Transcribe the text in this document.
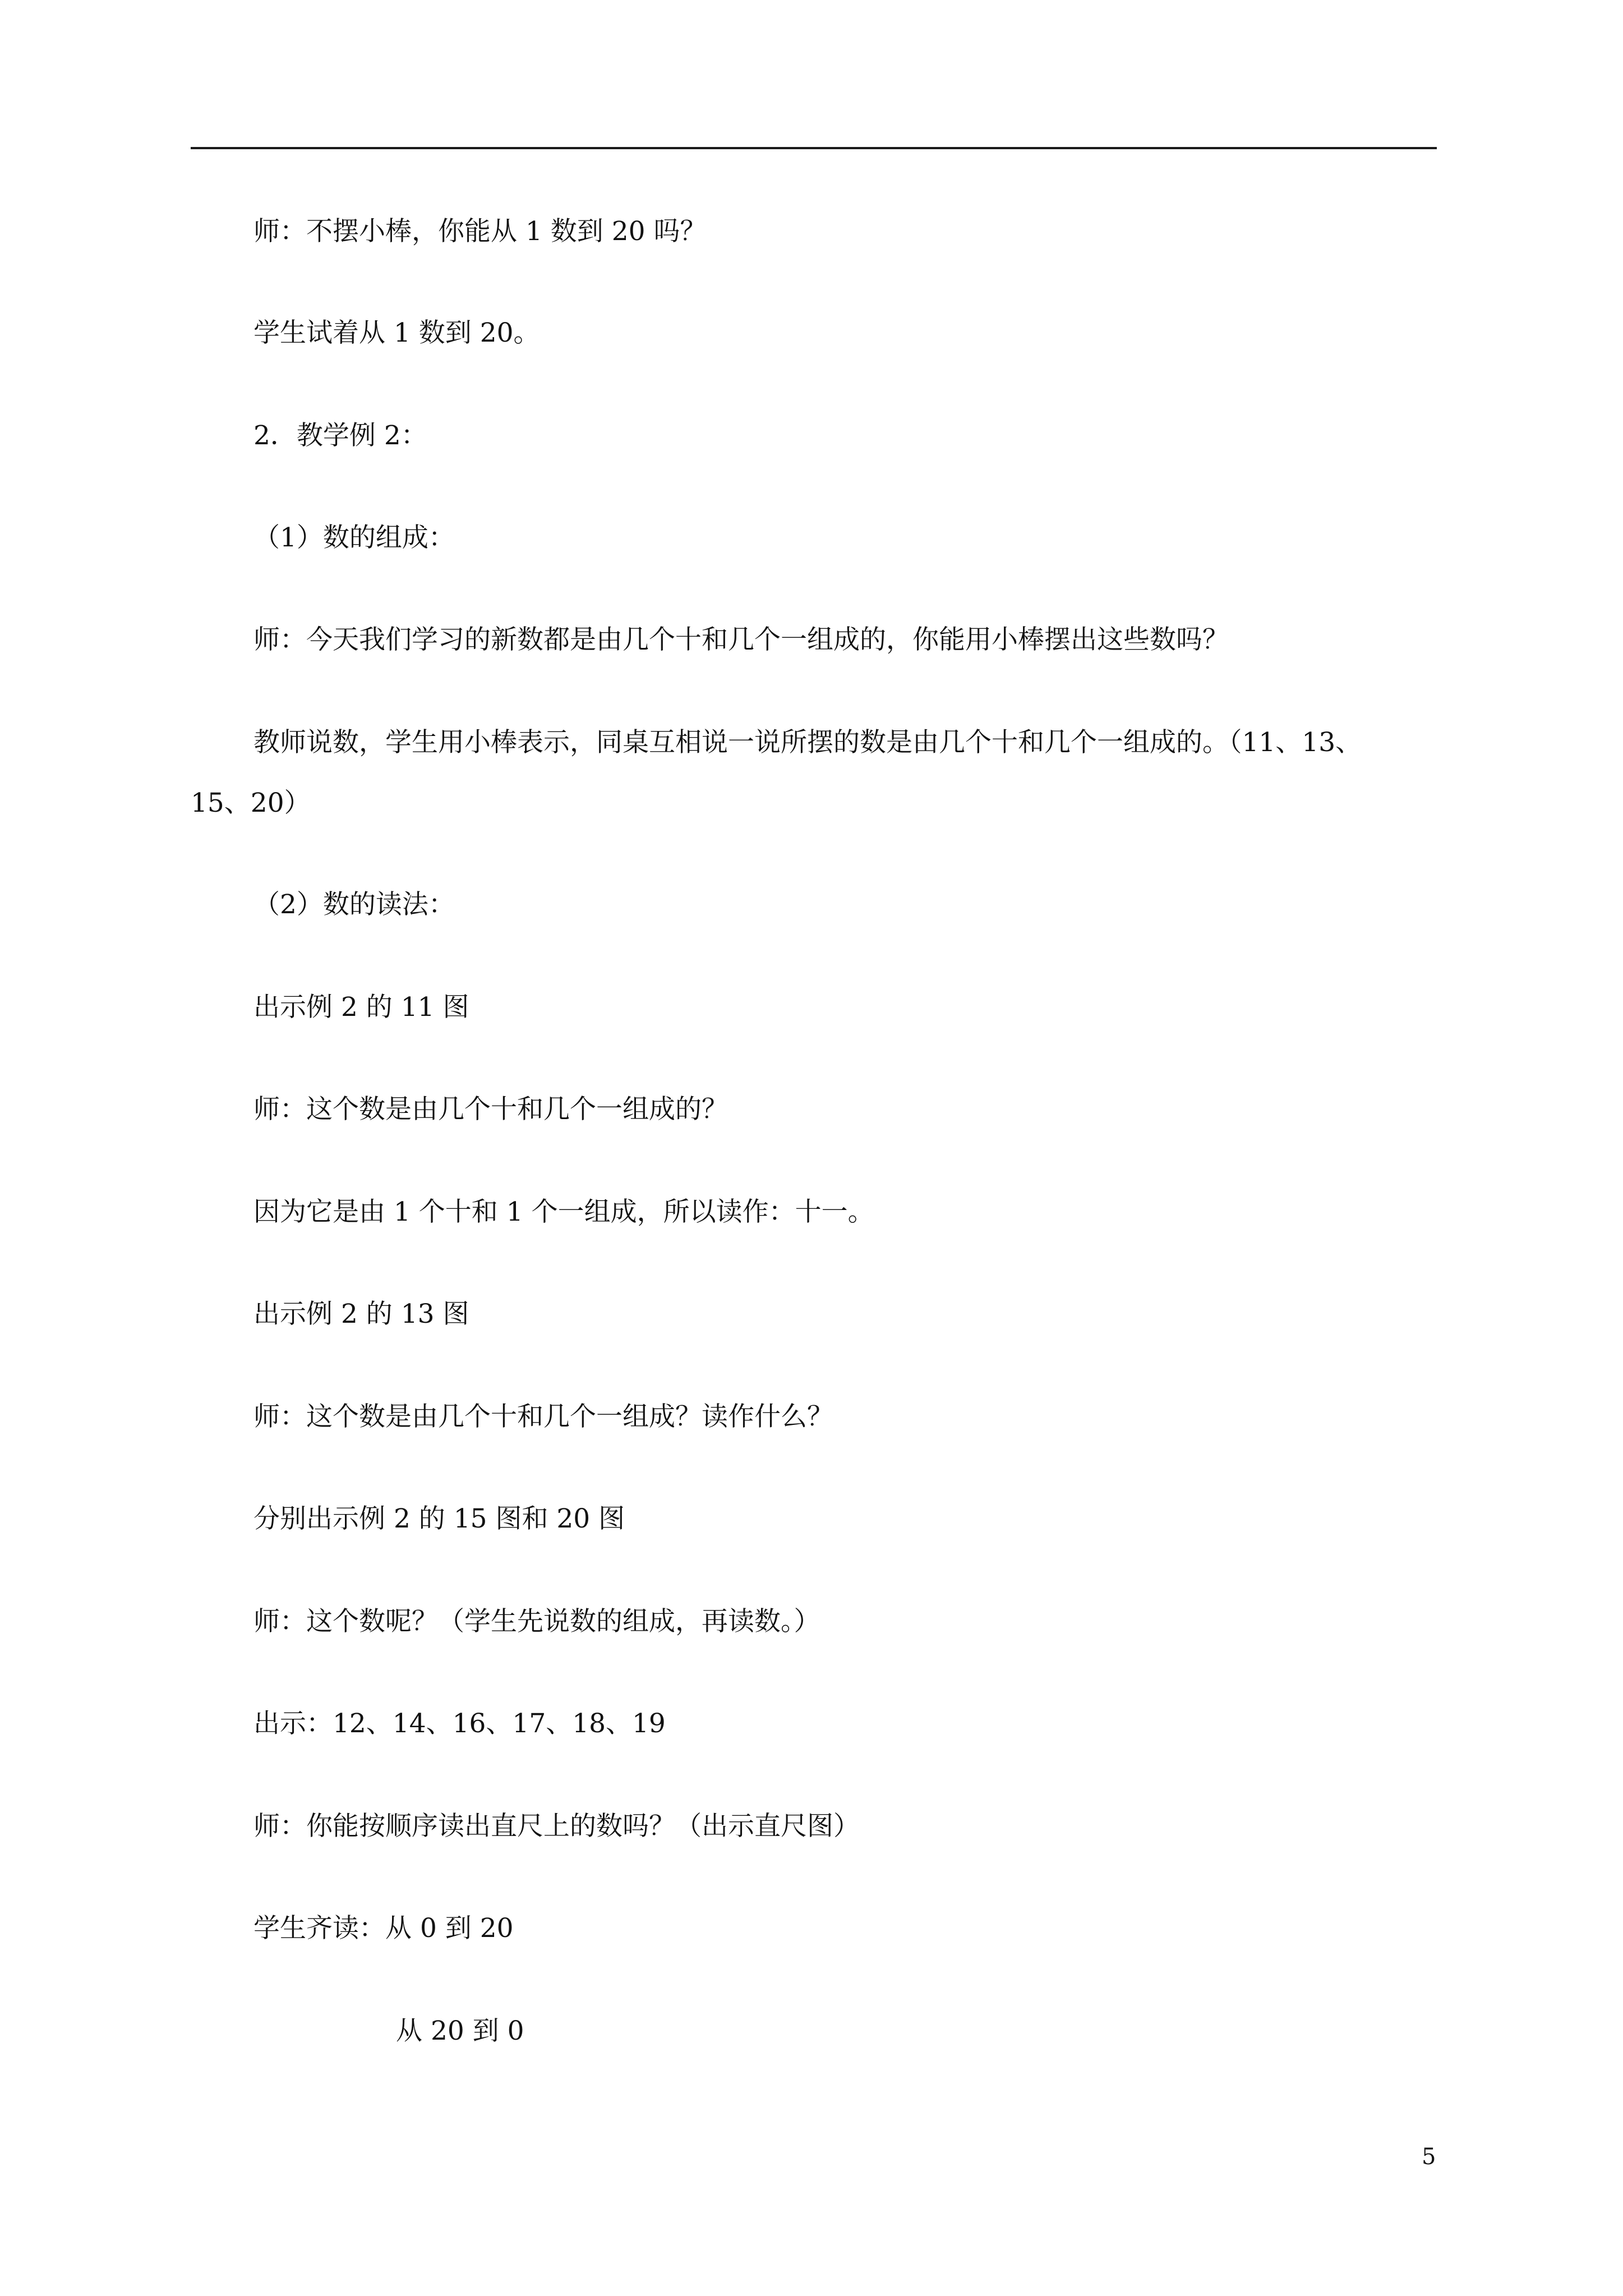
师：不摆小棒，你能从 1 数到 20 吗？
学生试着从 1 数到 20。
2．教学例 2：
（1）数的组成：
师：今天我们学习的新数都是由几个十和几个一组成的，你能用小棒摆出这些数吗？
教师说数，学生用小棒表示，同桌互相说一说所摆的数是由几个十和几个一组成的。（11、13、
15、20）
（2）数的读法：
出示例 2 的 11 图
师：这个数是由几个十和几个一组成的？
因为它是由 1 个十和 1 个一组成，所以读作：十一。
出示例 2 的 13 图
师：这个数是由几个十和几个一组成？读作什么？
分别出示例 2 的 15 图和 20 图
师：这个数呢？（学生先说数的组成，再读数。）
出示：12、14、16、17、18、19
师：你能按顺序读出直尺上的数吗？（出示直尺图）
学生齐读：从 0 到 20
从 20 到 0
5
